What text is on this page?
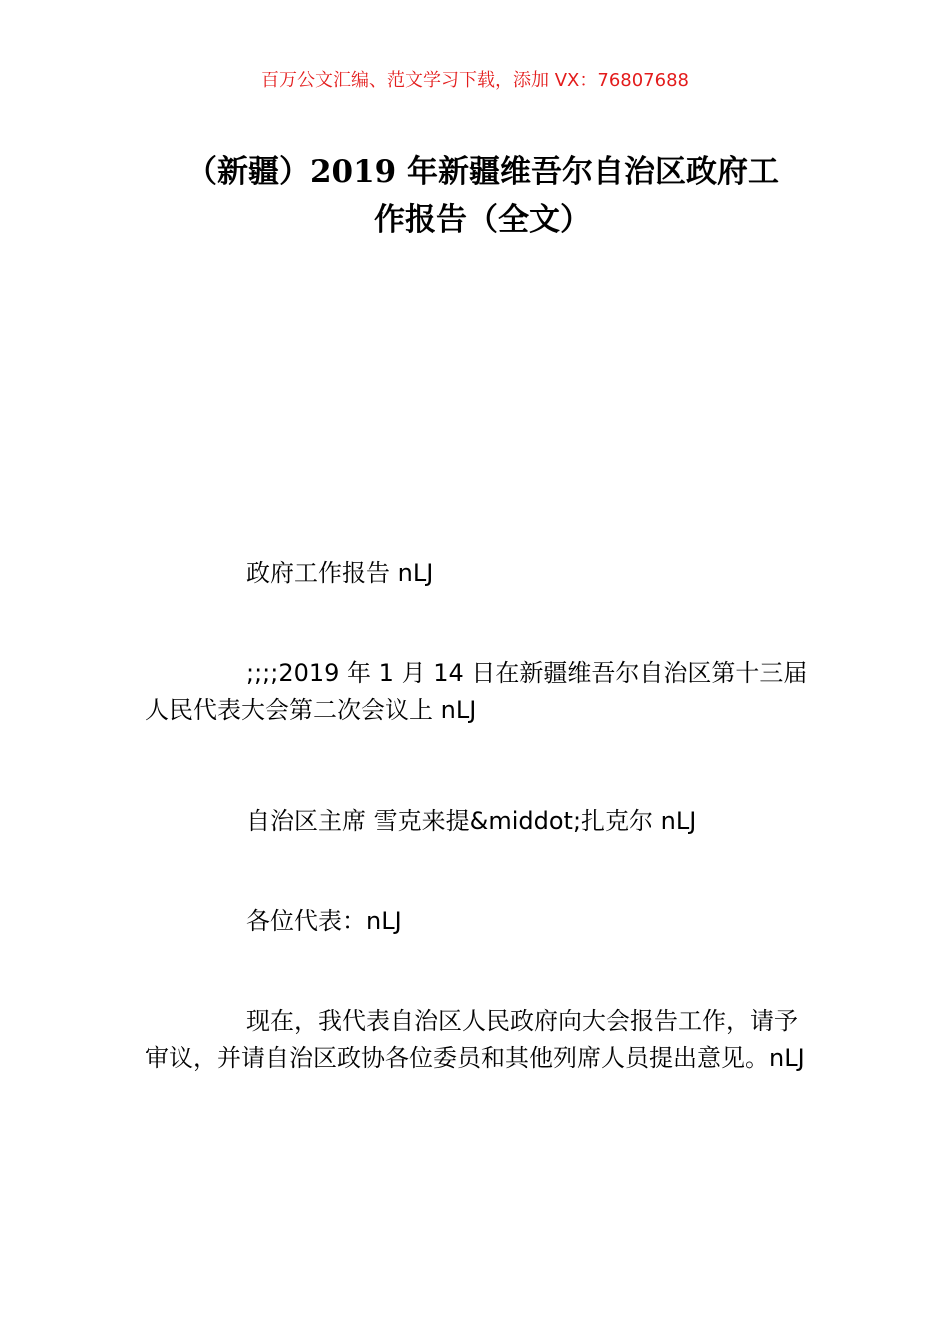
百万公文汇编、范文学习下载，添加 VX：76807688
（新疆）2019 年新疆维吾尔自治区政府工
作报告（全文）

政府工作报告 nLJ

;;;;2019 年 1 月 14 日在新疆维吾尔自治区第十三届人民代表大会第二次会议上 nLJ

自治区主席 雪克来提&middot;扎克尔 nLJ

各位代表：nLJ

现在，我代表自治区人民政府向大会报告工作，请予审议，并请自治区政协各位委员和其他列席人员提出意见。nLJ
